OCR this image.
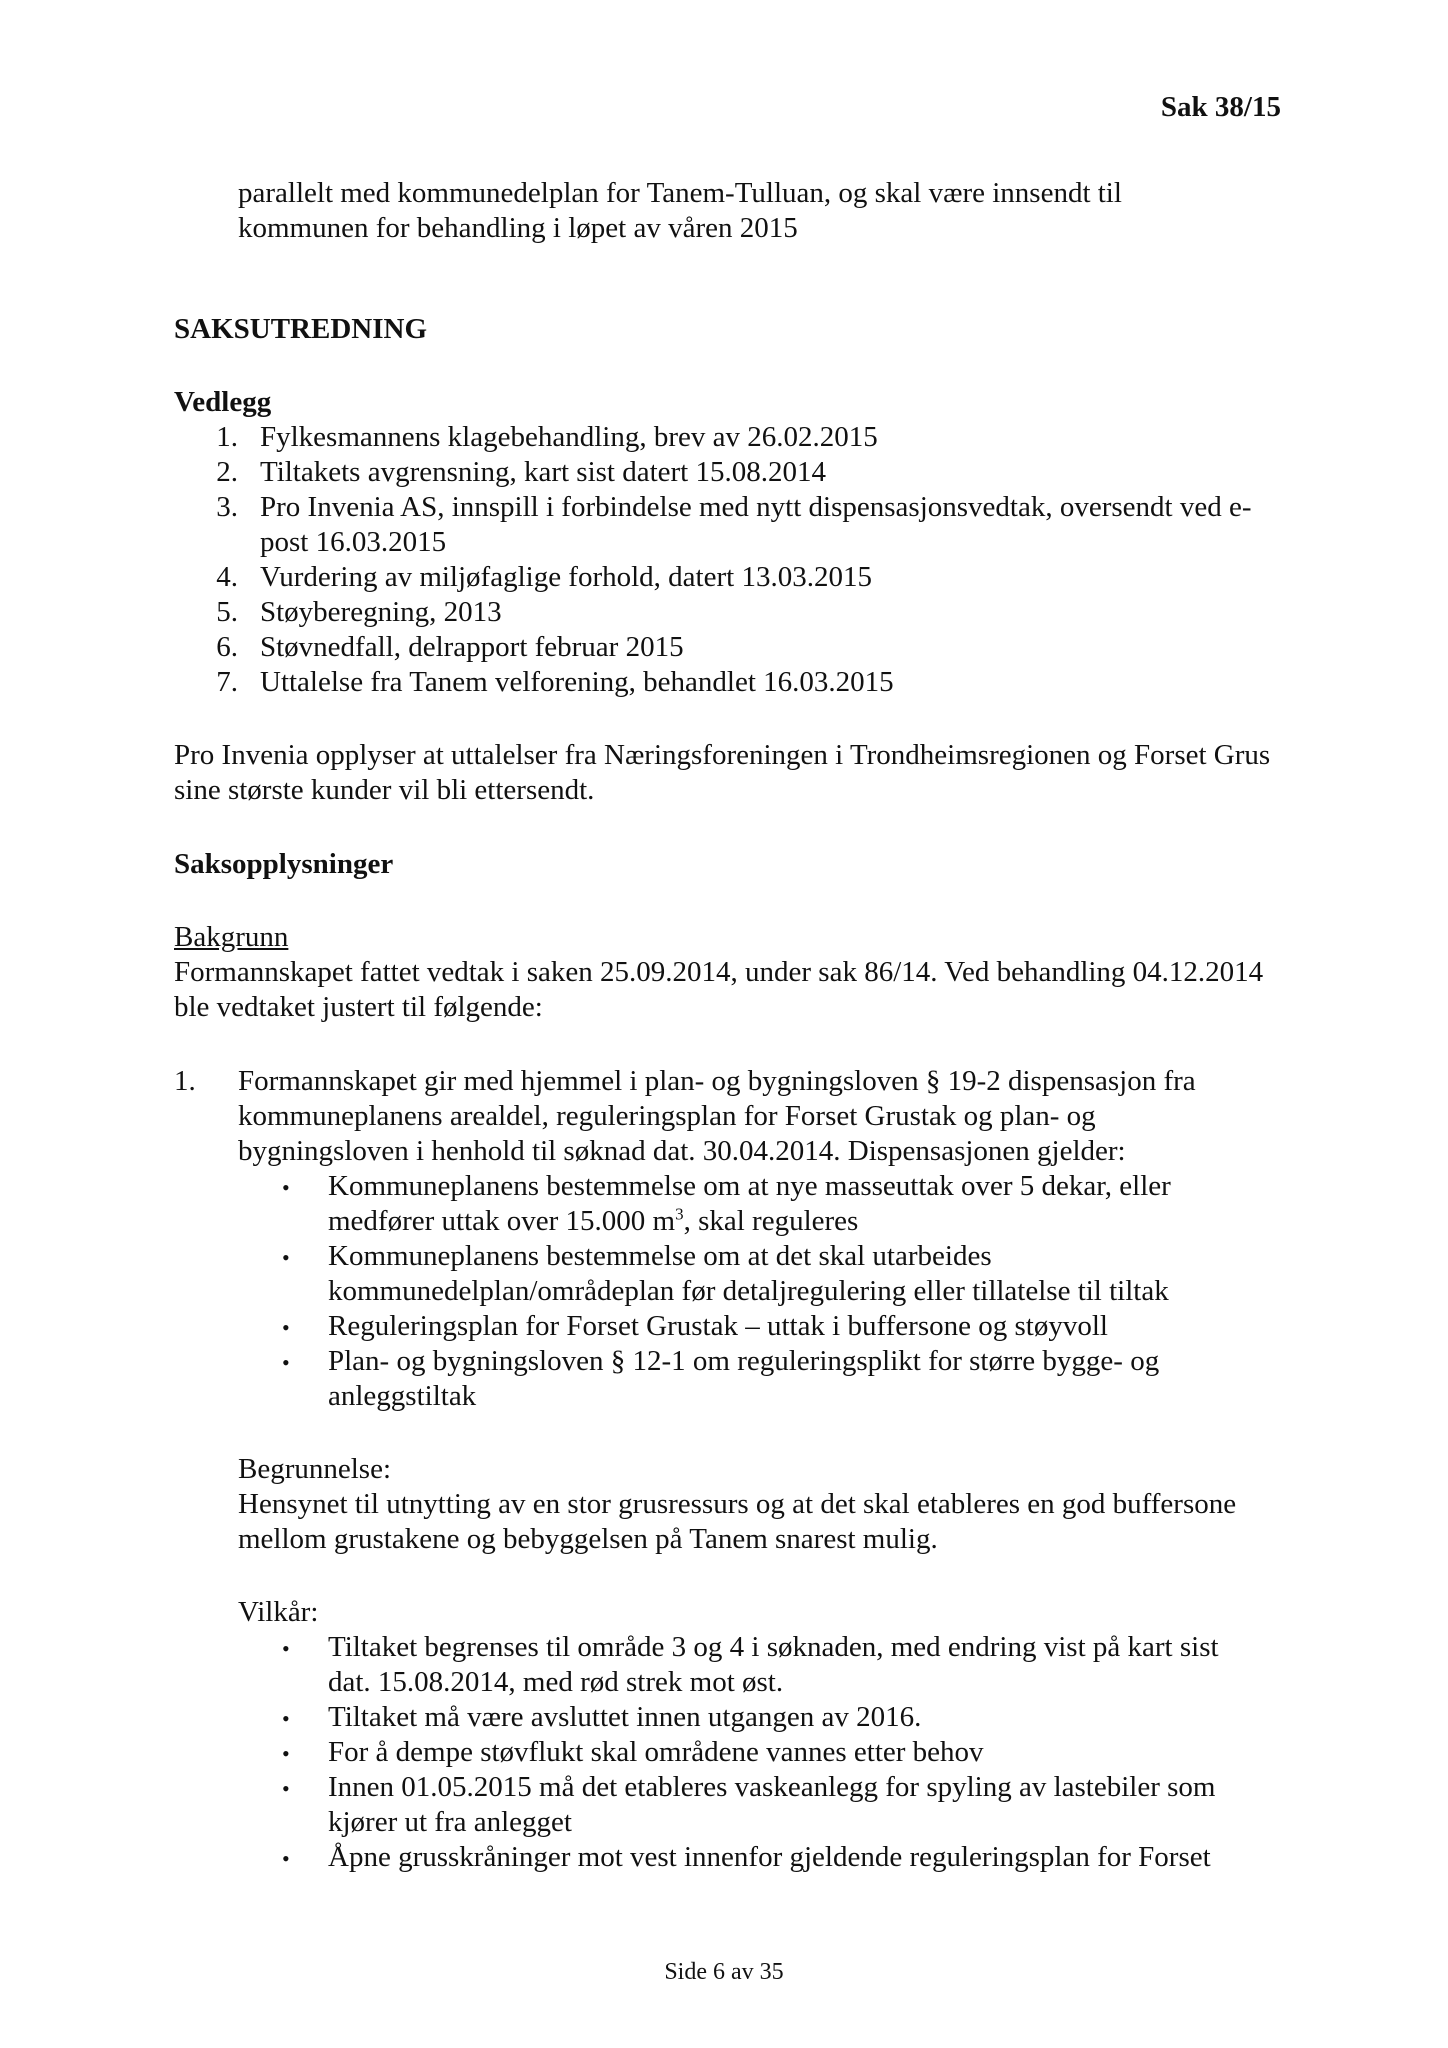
Sak 38/15

parallelt med kommunedelplan for Tanem-Tulluan, og skal være innsendt til

kommunen for behandling i løpet av våren 2015

SAKSUTREDNING

Vedlegg

1. Fylkesmannens klagebehandling, brev av 26.02.2015

2. Tiltakets avgrensning, kart sist datert 15.08.2014

3. Pro Invenia AS, innspill i forbindelse med nytt dispensasjonsvedtak, oversendt ved e-

post 16.03.2015

4. Vurdering av miljøfaglige forhold, datert 13.03.2015

5. Støyberegning, 2013

6. Støvnedfall, delrapport februar 2015

7. Uttalelse fra Tanem velforening, behandlet 16.03.2015

Pro Invenia opplyser at uttalelser fra Næringsforeningen i Trondheimsregionen og Forset Grus

sine største kunder vil bli ettersendt.

Saksopplysninger

Bakgrunn

Formannskapet fattet vedtak i saken 25.09.2014, under sak 86/14. Ved behandling 04.12.2014

ble vedtaket justert til følgende:

1. Formannskapet gir med hjemmel i plan- og bygningsloven § 19-2 dispensasjon fra

kommuneplanens arealdel, reguleringsplan for Forset Grustak og plan- og

bygningsloven i henhold til søknad dat. 30.04.2014. Dispensasjonen gjelder:

• Kommuneplanens bestemmelse om at nye masseuttak over 5 dekar, eller

medfører uttak over 15.000 $m^3$, skal reguleres

• Kommuneplanens bestemmelse om at det skal utarbeides

kommunedelplan/områdeplan før detaljregulering eller tillatelse til tiltak

• Reguleringsplan for Forset Grustak – uttak i buffersone og støyvoll

• Plan- og bygningsloven § 12-1 om reguleringsplikt for større bygge- og

anleggstiltak

Begrunnelse:

Hensynet til utnytting av en stor grusressurs og at det skal etableres en god buffersone

mellom grustakene og bebyggelsen på Tanem snarest mulig.

Vilkår:

• Tiltaket begrenses til område 3 og 4 i søknaden, med endring vist på kart sist

dat. 15.08.2014, med rød strek mot øst.

• Tiltaket må være avsluttet innen utgangen av 2016.

• For å dempe støvflukt skal områdene vannes etter behov

• Innen 01.05.2015 må det etableres vaskeanlegg for spyling av lastebiler som

kjører ut fra anlegget

• Åpne grusskråninger mot vest innenfor gjeldende reguleringsplan for Forset

Side 6 av 35
